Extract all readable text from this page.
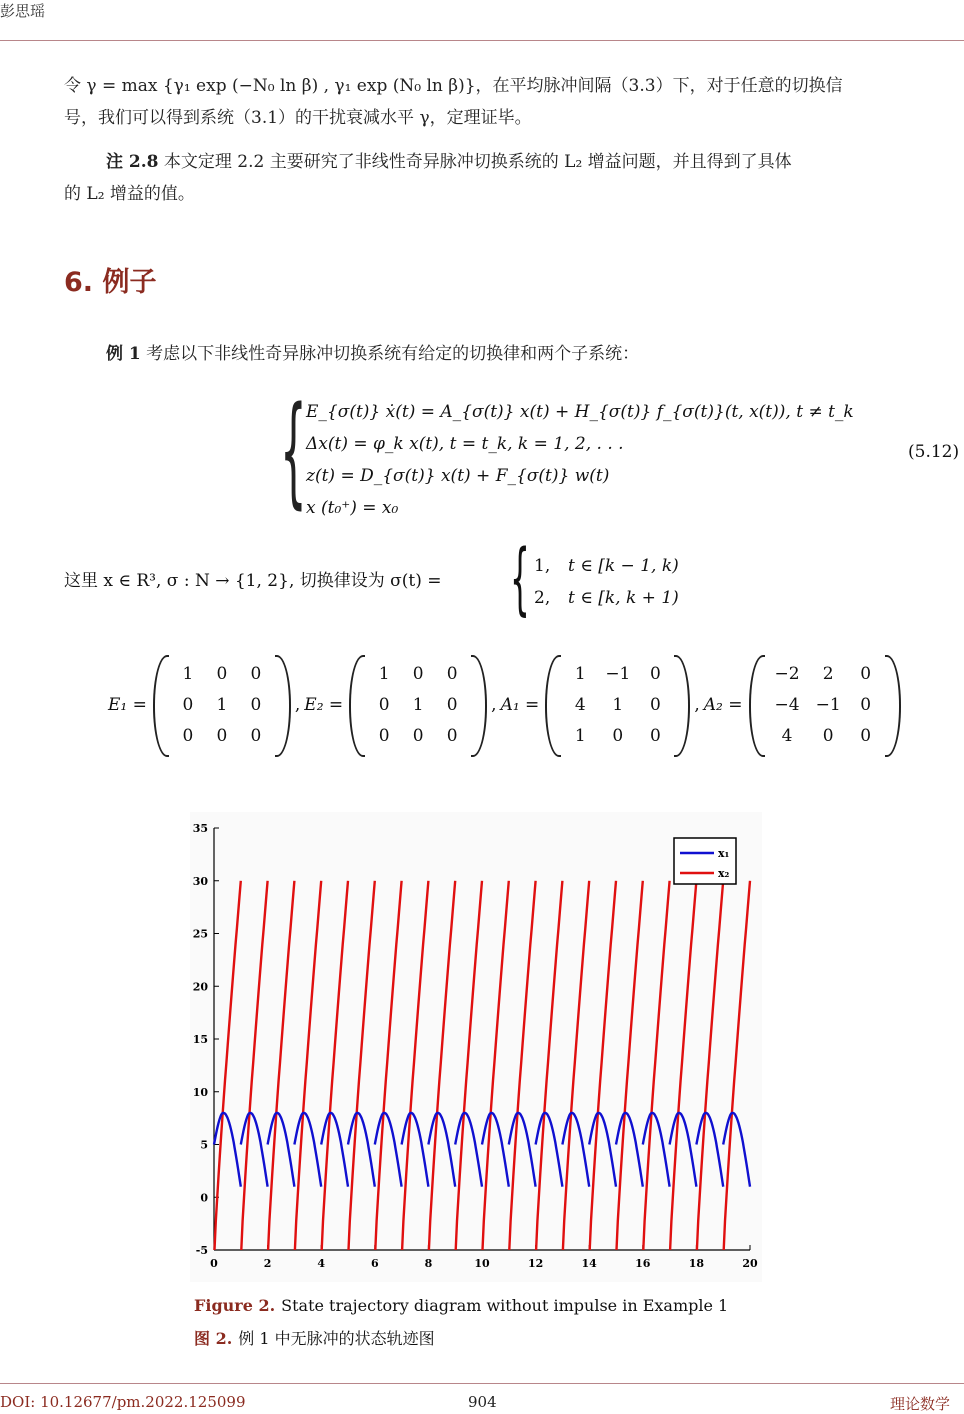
彭思瑶

令 γ = max {γ₁ exp (−N₀ ln β) , γ₁ exp (N₀ ln β)}，在平均脉冲间隔（3.3）下，对于任意的切换信

号，我们可以得到系统（3.1）的干扰衰减水平 γ，定理证毕。

注 2.8 本文定理 2.2 主要研究了非线性奇异脉冲切换系统的 L₂ 增益问题，并且得到了具体

的 L₂ 增益的值。

6. 例子

例 1 考虑以下非线性奇异脉冲切换系统有给定的切换律和两个子系统：

{ E_{σ(t)} ẋ(t) = A_{σ(t)} x(t) + H_{σ(t)} f_{σ(t)}(t, x(t)), t ≠ t_k
Δx(t) = φ_k x(t), t = t_k, k = 1, 2, . . .
z(t) = D_{σ(t)} x(t) + F_{σ(t)} w(t)
x (t₀⁺) = x₀
(5.12)
这里 x ∈ R³, σ : N → {1, 2}, 切换律设为 σ(t) = { 1, t ∈ [k − 1, k)
2, t ∈ [k, k + 1)
E₁ =
1	0	0
0	1	0
0	0	0
, E₂ =
1	0	0
0	1	0
0	0	0
, A₁ =
1	−1	0
4	1	0
1	0	0
, A₂ =
−2	2	0
−4	−1	0
4	0	0
-5
0
5
10
15
20
25
30
35
0	2	4	6	8	10	12	14	16	18	20
x₁
x₂
Figure 2. State trajectory diagram without impulse in Example 1
图 2. 例 1 中无脉冲的状态轨迹图
DOI: 10.12677/pm.2022.125099	904	理论数学
